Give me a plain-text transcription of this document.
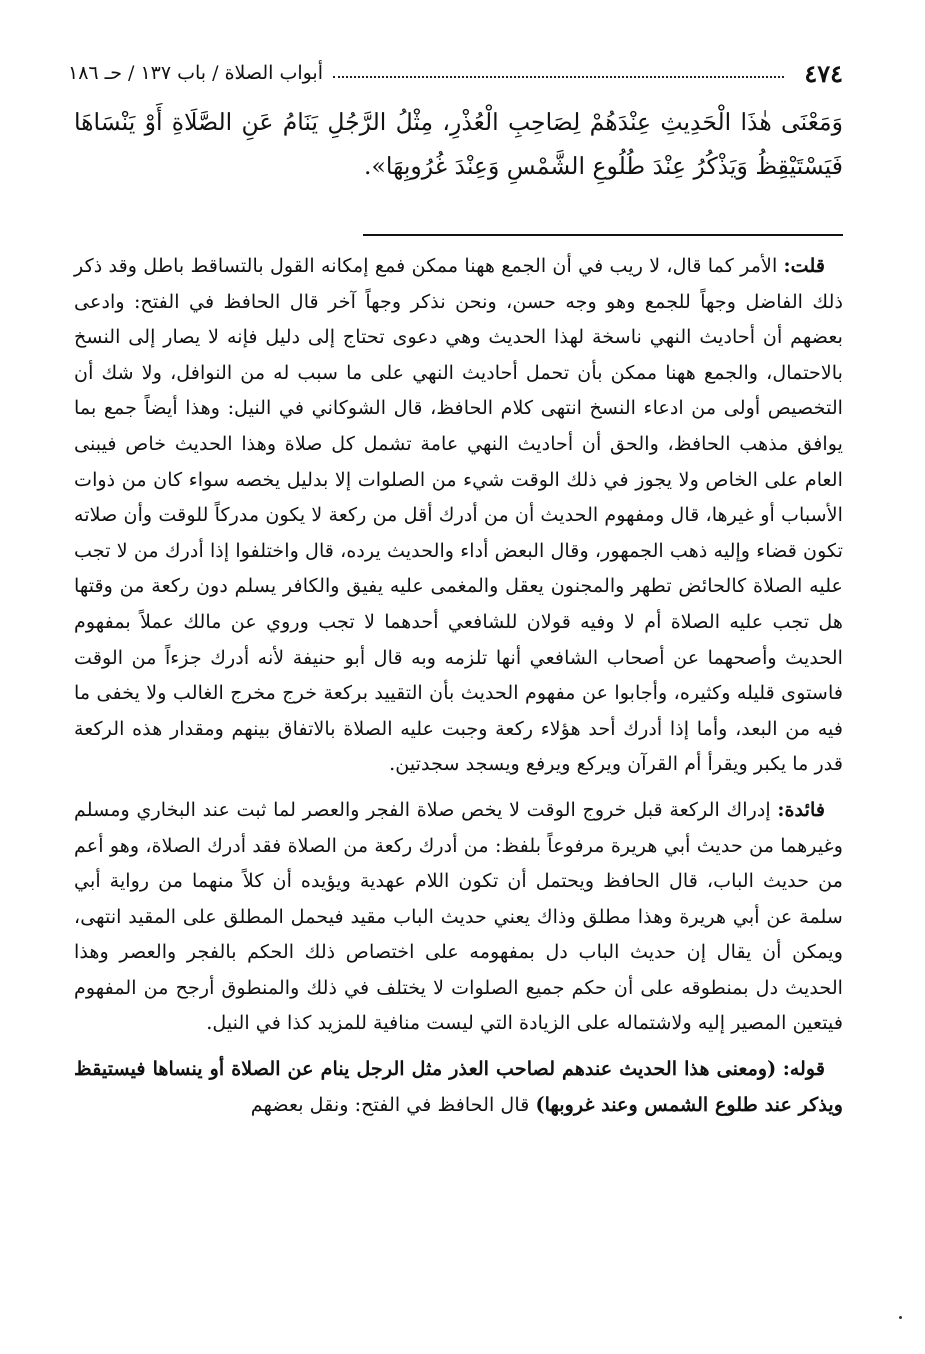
٤٧٤
أبواب الصلاة / باب ١٣٧ / حـ ١٨٦
وَمَعْنَى هٰذَا الْحَدِيثِ عِنْدَهُمْ لِصَاحِبِ الْعُذْرِ، مِثْلُ الرَّجُلِ يَنَامُ عَنِ الصَّلَاةِ أَوْ يَنْسَاهَا فَيَسْتَيْقِظُ وَيَذْكُرُ عِنْدَ طُلُوعِ الشَّمْسِ وَعِنْدَ غُرُوبِهَا».

قلت: الأمر كما قال، لا ريب في أن الجمع ههنا ممكن فمع إمكانه القول بالتساقط باطل وقد ذكر ذلك الفاضل وجهاً للجمع وهو وجه حسن، ونحن نذكر وجهاً آخر قال الحافظ في الفتح: وادعى بعضهم أن أحاديث النهي ناسخة لهذا الحديث وهي دعوى تحتاج إلى دليل فإنه لا يصار إلى النسخ بالاحتمال، والجمع ههنا ممكن بأن تحمل أحاديث النهي على ما سبب له من النوافل، ولا شك أن التخصيص أولى من ادعاء النسخ انتهى كلام الحافظ، قال الشوكاني في النيل: وهذا أيضاً جمع بما يوافق مذهب الحافظ، والحق أن أحاديث النهي عامة تشمل كل صلاة وهذا الحديث خاص فيبنى العام على الخاص ولا يجوز في ذلك الوقت شيء من الصلوات إلا بدليل يخصه سواء كان من ذوات الأسباب أو غيرها، قال ومفهوم الحديث أن من أدرك أقل من ركعة لا يكون مدركاً للوقت وأن صلاته تكون قضاء وإليه ذهب الجمهور، وقال البعض أداء والحديث يرده، قال واختلفوا إذا أدرك من لا تجب عليه الصلاة كالحائض تطهر والمجنون يعقل والمغمى عليه يفيق والكافر يسلم دون ركعة من وقتها هل تجب عليه الصلاة أم لا وفيه قولان للشافعي أحدهما لا تجب وروي عن مالك عملاً بمفهوم الحديث وأصحهما عن أصحاب الشافعي أنها تلزمه وبه قال أبو حنيفة لأنه أدرك جزءاً من الوقت فاستوى قليله وكثيره، وأجابوا عن مفهوم الحديث بأن التقييد بركعة خرج مخرج الغالب ولا يخفى ما فيه من البعد، وأما إذا أدرك أحد هؤلاء ركعة وجبت عليه الصلاة بالاتفاق بينهم ومقدار هذه الركعة قدر ما يكبر ويقرأ أم القرآن ويركع ويرفع ويسجد سجدتين.

فائدة: إدراك الركعة قبل خروج الوقت لا يخص صلاة الفجر والعصر لما ثبت عند البخاري ومسلم وغيرهما من حديث أبي هريرة مرفوعاً بلفظ: من أدرك ركعة من الصلاة فقد أدرك الصلاة، وهو أعم من حديث الباب، قال الحافظ ويحتمل أن تكون اللام عهدية ويؤيده أن كلاً منهما من رواية أبي سلمة عن أبي هريرة وهذا مطلق وذاك يعني حديث الباب مقيد فيحمل المطلق على المقيد انتهى، ويمكن أن يقال إن حديث الباب دل بمفهومه على اختصاص ذلك الحكم بالفجر والعصر وهذا الحديث دل بمنطوقه على أن حكم جميع الصلوات لا يختلف في ذلك والمنطوق أرجح من المفهوم فيتعين المصير إليه ولاشتماله على الزيادة التي ليست منافية للمزيد كذا في النيل.

قوله: (ومعنى هذا الحديث عندهم لصاحب العذر مثل الرجل ينام عن الصلاة أو ينساها فيستيقظ ويذكر عند طلوع الشمس وعند غروبها) قال الحافظ في الفتح: ونقل بعضهم
